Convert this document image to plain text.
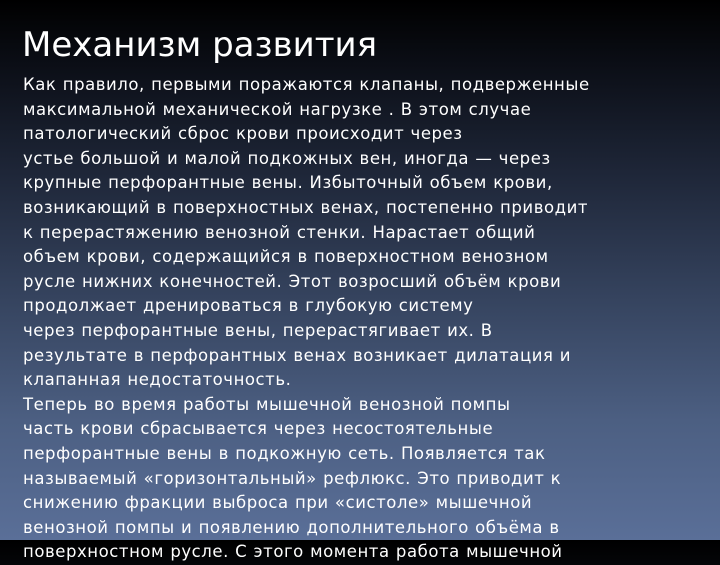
Механизм развития

Как правило, первыми поражаются клапаны, подверженные
максимальной механической нагрузке . В этом случае
патологический сброс крови происходит через
устье большой и малой подкожных вен, иногда — через
крупные перфорантные вены. Избыточный объем крови,
возникающий в поверхностных венах, постепенно приводит
к перерастяжению венозной стенки. Нарастает общий
объем крови, содержащийся в поверхностном венозном
русле нижних конечностей. Этот возросший объём крови
продолжает дренироваться в глубокую систему
через перфорантные вены, перерастягивает их. В
результате в перфорантных венах возникает дилатация и
клапанная недостаточность.

Теперь во время работы мышечной венозной помпы
часть крови сбрасывается через несостоятельные
перфорантные вены в подкожную сеть. Появляется так
называемый «горизонтальный» рефлюкс. Это приводит к
снижению фракции выброса при «систоле» мышечной
венозной помпы и появлению дополнительного объёма в
поверхностном русле. С этого момента работа мышечной
